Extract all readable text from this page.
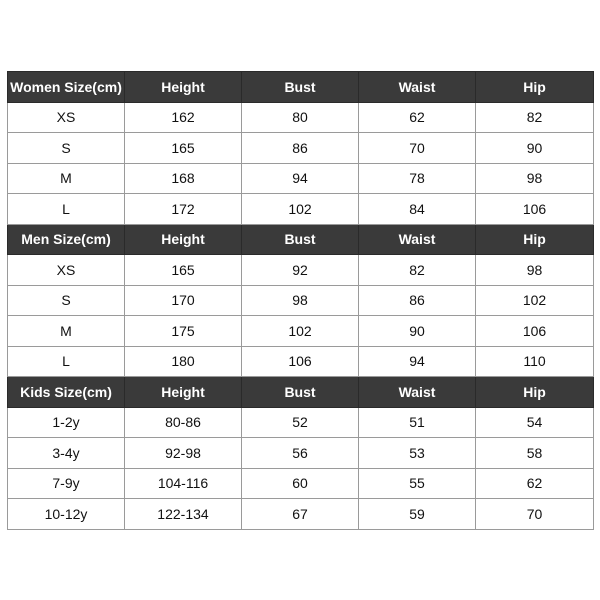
Women Size(cm)	Height	Bust	Waist	Hip
XS	162	80	62	82
S	165	86	70	90
M	168	94	78	98
L	172	102	84	106
Men Size(cm)	Height	Bust	Waist	Hip
XS	165	92	82	98
S	170	98	86	102
M	175	102	90	106
L	180	106	94	110
Kids Size(cm)	Height	Bust	Waist	Hip
1-2y	80-86	52	51	54
3-4y	92-98	56	53	58
7-9y	104-116	60	55	62
10-12y	122-134	67	59	70
